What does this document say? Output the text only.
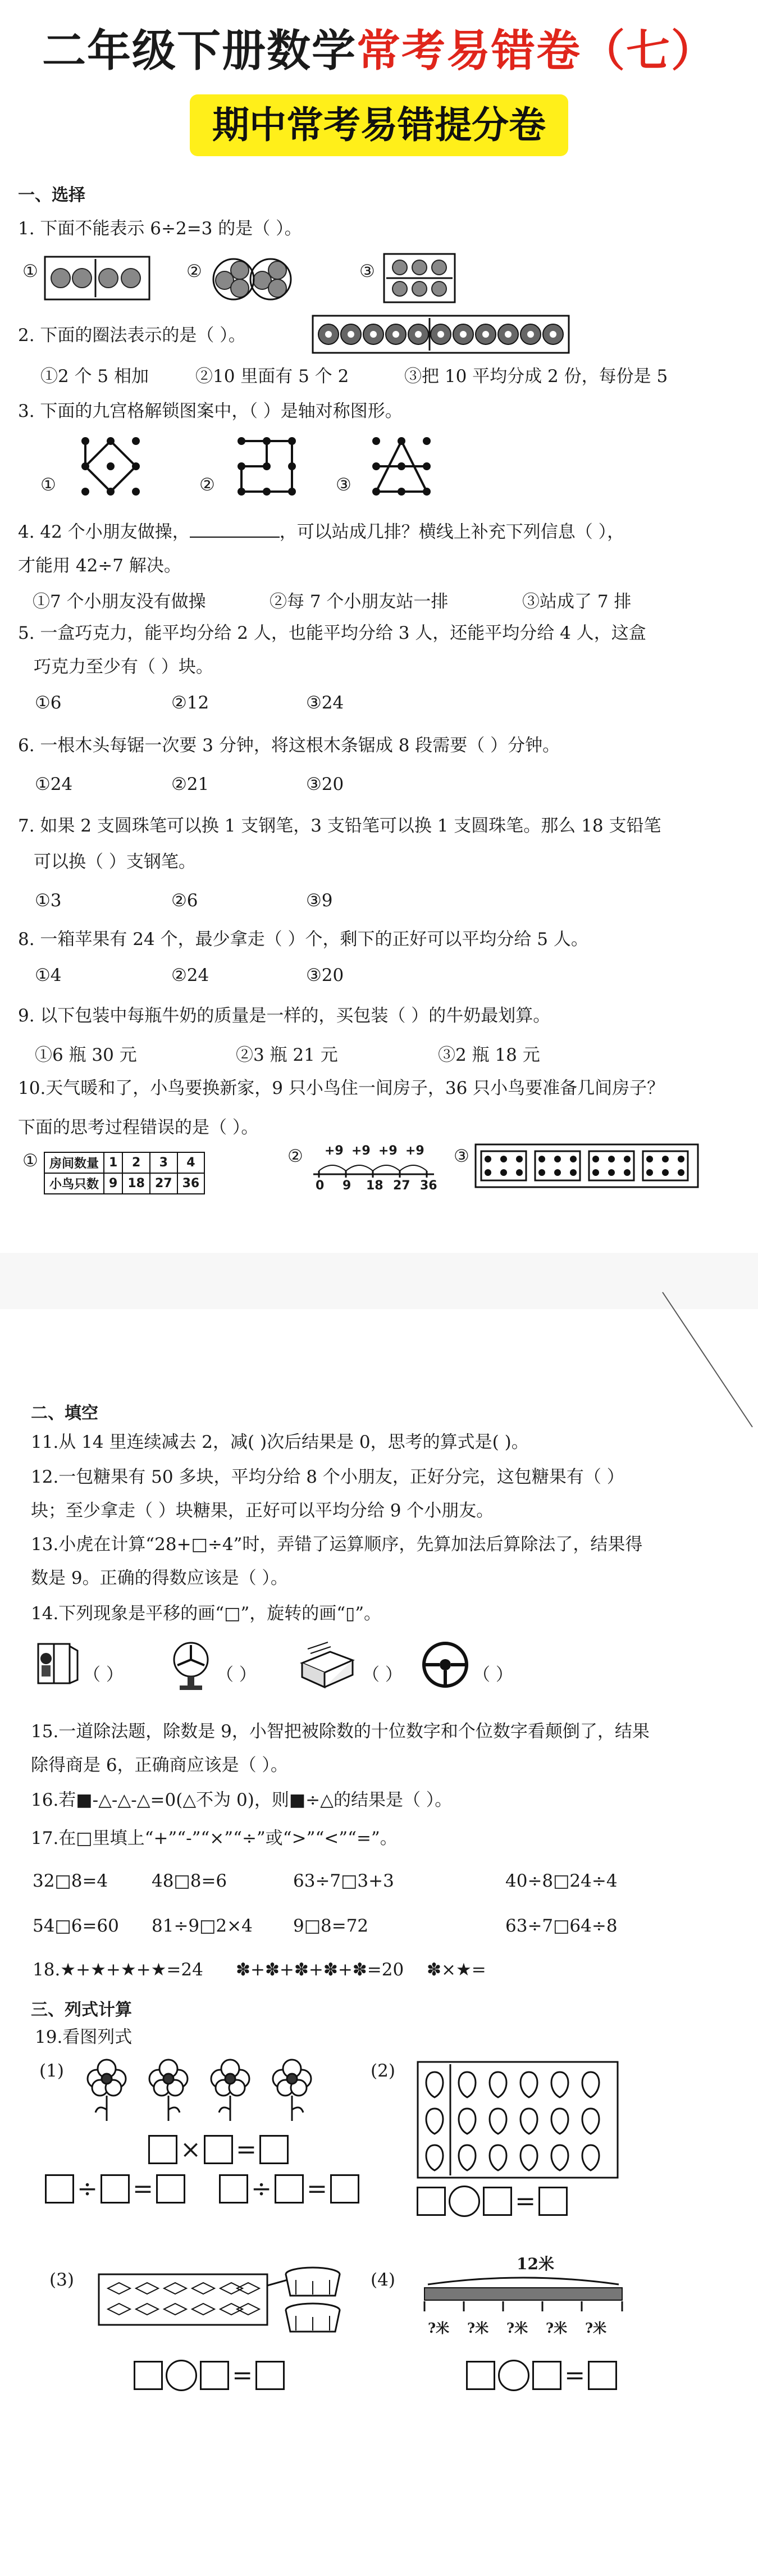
二年级下册数学常考易错卷（七）
期中常考易错提分卷
一、选择
1. 下面不能表示 6÷2=3 的是（ ）。
①	②	③
2. 下面的圈法表示的是（ ）。
①2 个 5 相加	②10 里面有 5 个 2	③把 10 平均分成 2 份，每份是 5
3. 下面的九宫格解锁图案中，（ ）是轴对称图形。
①	②	③
4. 42 个小朋友做操，	，可以站成几排？横线上补充下列信息（ ），
才能用 42÷7 解决。
①7 个小朋友没有做操	②每 7 个小朋友站一排	③站成了 7 排
5. 一盒巧克力，能平均分给 2 人，也能平均分给 3 人，还能平均分给 4 人，这盒
巧克力至少有（ ）块。
①6	②12	③24
6. 一根木头每锯一次要 3 分钟，将这根木条锯成 8 段需要（ ）分钟。
①24	②21	③20
7. 如果 2 支圆珠笔可以换 1 支钢笔，3 支铅笔可以换 1 支圆珠笔。那么 18 支铅笔
可以换（ ）支钢笔。
①3	②6	③9
8. 一箱苹果有 24 个，最少拿走（ ）个，剩下的正好可以平均分给 5 人。
①4	②24	③20
9. 以下包装中每瓶牛奶的质量是一样的，买包装（ ）的牛奶最划算。
①6 瓶 30 元	②3 瓶 21 元	③2 瓶 18 元
10.天气暖和了，小鸟要换新家，9 只小鸟住一间房子，36 只小鸟要准备几间房子？
下面的思考过程错误的是（ ）。
① 房间数量	1	2	3	4
小鸟只数	9	18	27	36
② +9 +9 +9 +9
0 9 18 27 36
③
二、填空
11.从 14 里连续减去 2，减( )次后结果是 0，思考的算式是( )。
12.一包糖果有 50 多块，平均分给 8 个小朋友，正好分完，这包糖果有（ ）
块；至少拿走（ ）块糖果，正好可以平均分给 9 个小朋友。
13.小虎在计算“28+□÷4”时，弄错了运算顺序，先算加法后算除法了，结果得
数是 9。正确的得数应该是（ ）。
14.下列现象是平移的画“□”，旋转的画“▯”。
（ ）	（ ）	（ ）	（ ）
15.一道除法题，除数是 9，小智把被除数的十位数字和个位数字看颠倒了，结果
除得商是 6，正确商应该是（ ）。
16.若■-△-△-△=0(△不为 0)，则■÷△的结果是（ ）。
17.在□里填上“+”“-”“×”“÷”或“>”“<”“=”。
32□8=4	48□8=6	63÷7□3+3	40÷8□24÷4
54□6=60 81÷9□2×4 9□8=72	63÷7□64÷8
18.★+★+★+★=24 ✽+✽+✽+✽+✽=20 ✽×★=
三、列式计算
19.看图列式
(1)
× =
÷ =	÷ =
(2)
=
(3)
=
(4)
12米
?米 ?米 ?米 ?米 ?米
=
